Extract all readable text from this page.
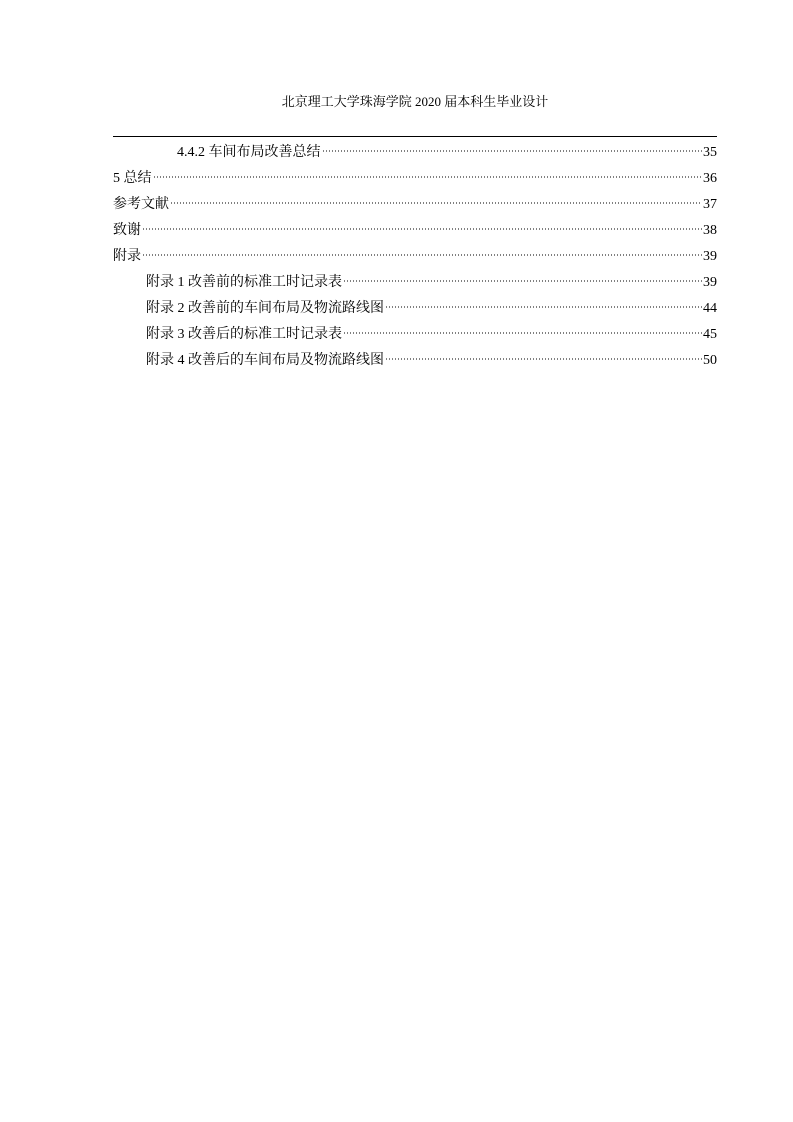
北京理工大学珠海学院 2020 届本科生毕业设计
4.4.2 车间布局改善总结	35
5 总结	36
参考文献	37
致谢	38
附录	39
附录 1 改善前的标准工时记录表	39
附录 2 改善前的车间布局及物流路线图	44
附录 3 改善后的标准工时记录表	45
附录 4 改善后的车间布局及物流路线图	50
